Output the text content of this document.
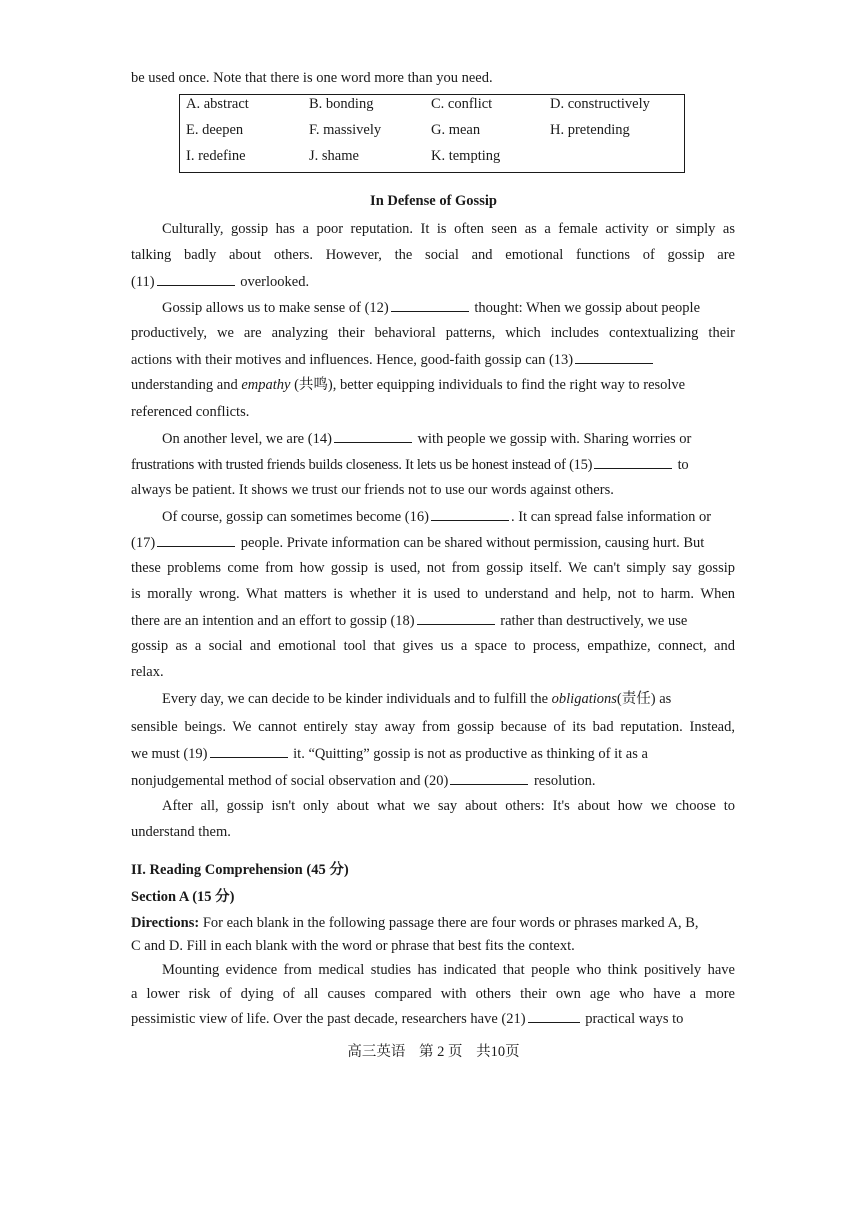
be used once. Note that there is one word more than you need.
A. abstract	B. bonding	C. conflict	D. constructively
E. deepen	F. massively	G. mean	H. pretending
I. redefine	J. shame	K. tempting
In Defense of Gossip
Culturally, gossip has a poor reputation. It is often seen as a female activity or simply as
talking badly about others. However, the social and emotional functions of gossip are
(11)	overlooked.
Gossip allows us to make sense of (12)	thought: When we gossip about people
productively, we are analyzing their behavioral patterns, which includes contextualizing their
actions with their motives and influences. Hence, good-faith gossip can (13)
understanding and empathy (共鸣), better equipping individuals to find the right way to resolve
referenced conflicts.
On another level, we are (14)	with people we gossip with. Sharing worries or
frustrations with trusted friends builds closeness. It lets us be honest instead of (15)	to
always be patient. It shows we trust our friends not to use our words against others.
Of course, gossip can sometimes become (16)	. It can spread false information or
(17)	people. Private information can be shared without permission, causing hurt. But
these problems come from how gossip is used, not from gossip itself. We can't simply say gossip
is morally wrong. What matters is whether it is used to understand and help, not to harm. When
there are an intention and an effort to gossip (18)	rather than destructively, we use
gossip as a social and emotional tool that gives us a space to process, empathize, connect, and
relax.
Every day, we can decide to be kinder individuals and to fulfill the obligations(责任) as
sensible beings. We cannot entirely stay away from gossip because of its bad reputation. Instead,
we must (19)	it. “Quitting” gossip is not as productive as thinking of it as a
nonjudgemental method of social observation and (20)	resolution.
After all, gossip isn't only about what we say about others: It's about how we choose to
understand them.
II. Reading Comprehension (45 分)
Section A (15 分)
Directions: For each blank in the following passage there are four words or phrases marked A, B,
C and D. Fill in each blank with the word or phrase that best fits the context.
Mounting evidence from medical studies has indicated that people who think positively have
a lower risk of dying of all causes compared with others their own age who have a more
pessimistic view of life. Over the past decade, researchers have (21)	practical ways to
高三英语 第 2 页 共10页
